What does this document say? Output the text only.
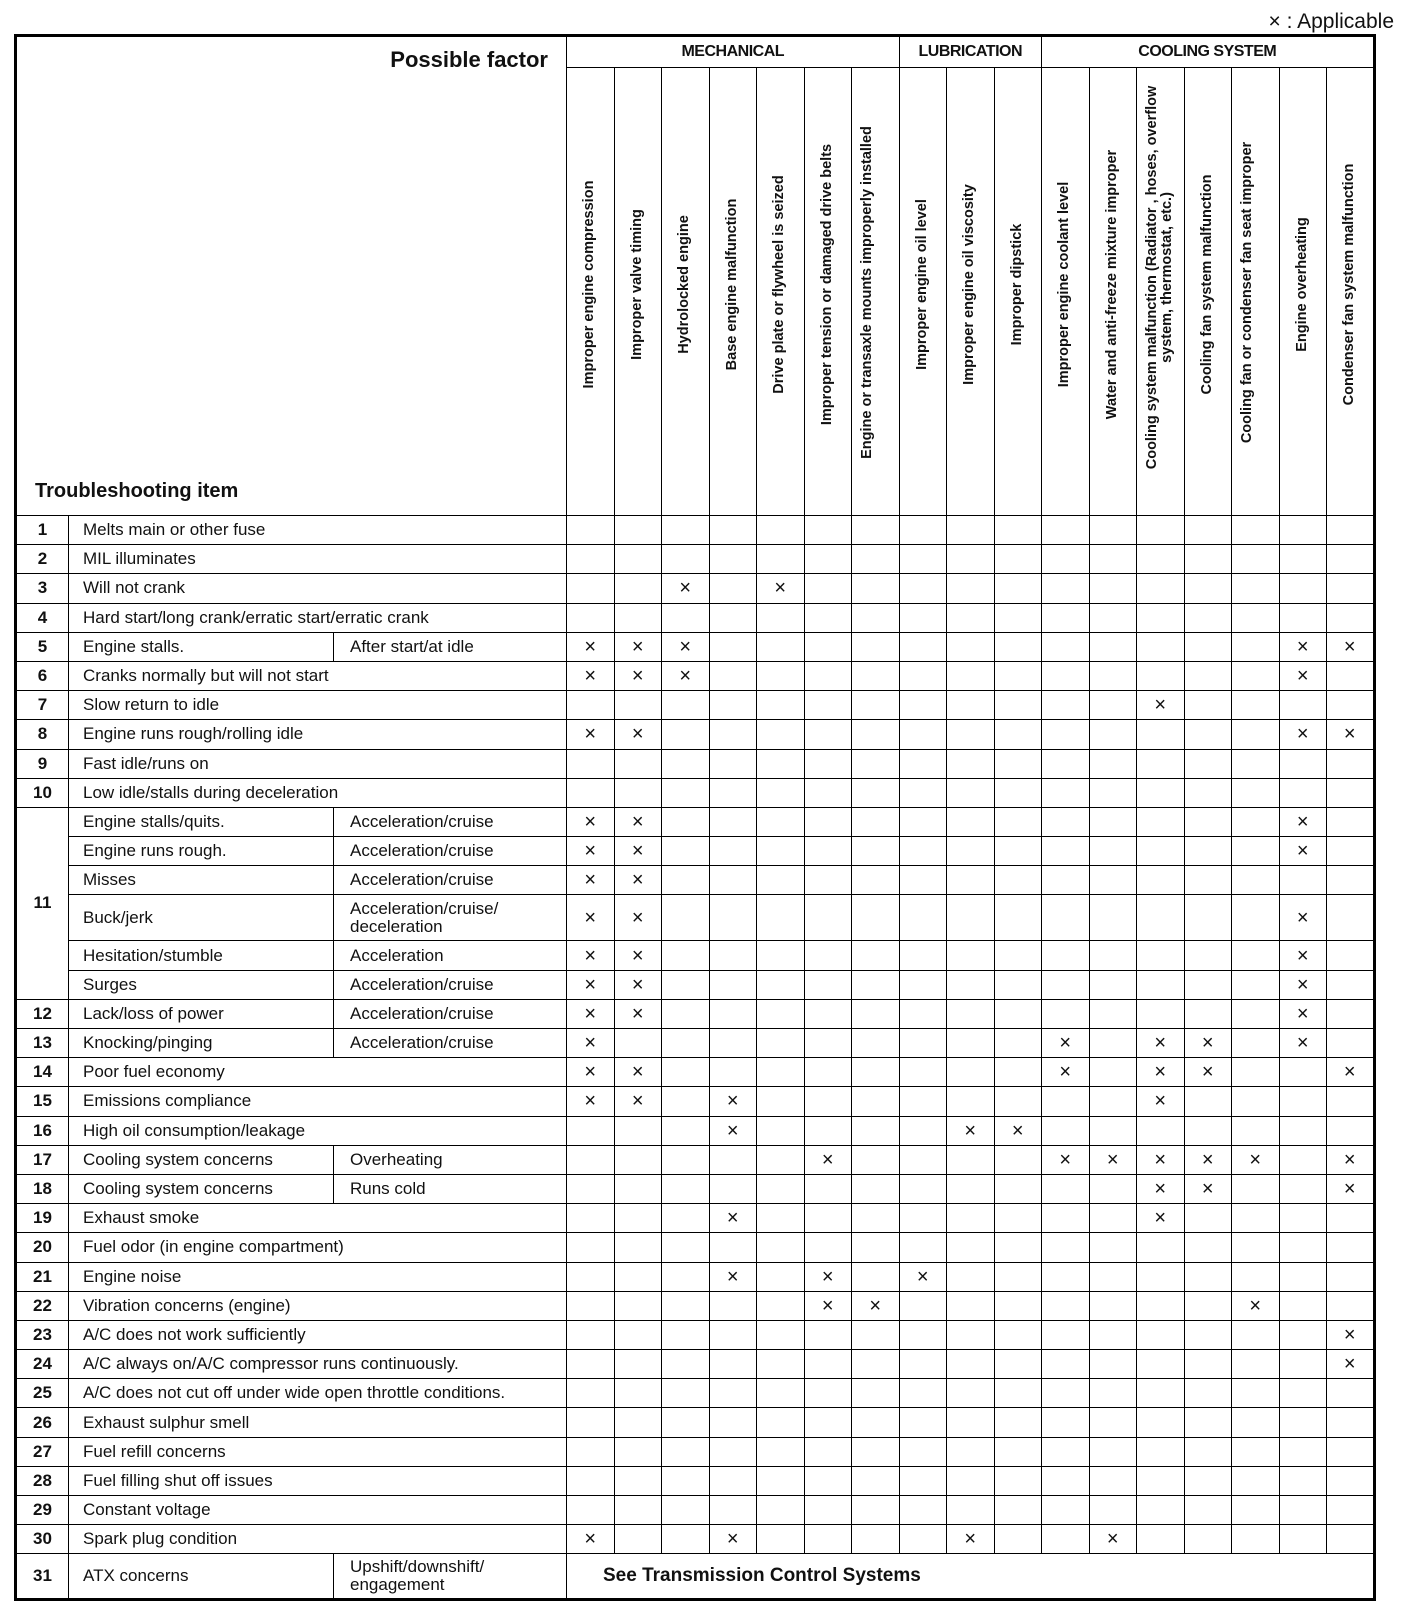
× : Applicable
Possible factor
Troubleshooting item			MECHANICAL							LUBRICATION			COOLING SYSTEM						

			Improper engine compression	Improper valve timing	Hydrolocked engine	Base engine malfunction	Drive plate or flywheel is seized	Improper tension or damaged drive belts	Engine or transaxle mounts improperly installed	Improper engine oil level	Improper engine oil viscosity	Improper dipstick	Improper engine coolant level	Water and anti-freeze mixture improper	Cooling system malfunction (Radiator , hoses, overflow system, thermostat, etc.)	Cooling fan system malfunction	Cooling fan or condenser fan seat improper	Engine overheating	Condenser fan system malfunction

1	Melts main or other fuse																		
2	MIL illuminates																		
3	Will not crank				×		×												
4	Hard start/long crank/erratic start/erratic crank																		
5	Engine stalls.	After start/at idle	×	×	×													×	×
6	Cranks normally but will not start		×	×	×													×	
7	Slow return to idle														×				
8	Engine runs rough/rolling idle		×	×														×	×
9	Fast idle/runs on																		
10	Low idle/stalls during deceleration																		
11	Engine stalls/quits.	Acceleration/cruise	×	×														×	
	Engine runs rough.	Acceleration/cruise	×	×														×	
	Misses	Acceleration/cruise	×	×															
	Buck/jerk	Acceleration/cruise/ deceleration	×	×														×	
	Hesitation/stumble	Acceleration	×	×														×	
	Surges	Acceleration/cruise	×	×														×	
12	Lack/loss of power	Acceleration/cruise	×	×														×	
13	Knocking/pinging	Acceleration/cruise	×										×		×	×		×	
14	Poor fuel economy		×	×									×		×	×			×
15	Emissions compliance		×	×		×									×				
16	High oil consumption/leakage					×					×	×							
17	Cooling system concerns	Overheating						×					×	×	×	×	×		×
18	Cooling system concerns	Runs cold													×	×			×
19	Exhaust smoke					×									×				
20	Fuel odor (in engine compartment)																		
21	Engine noise					×		×		×									
22	Vibration concerns (engine)							×	×								×		
23	A/C does not work sufficiently																		×
24	A/C always on/A/C compressor runs continuously.																		×
25	A/C does not cut off under wide open throttle conditions.																		
26	Exhaust sulphur smell																		
27	Fuel refill concerns																		
28	Fuel filling shut off issues																		
29	Constant voltage																		
30	Spark plug condition		×			×					×			×					
31	ATX concerns	Upshift/downshift/ engagement	See Transmission Control Systems																
